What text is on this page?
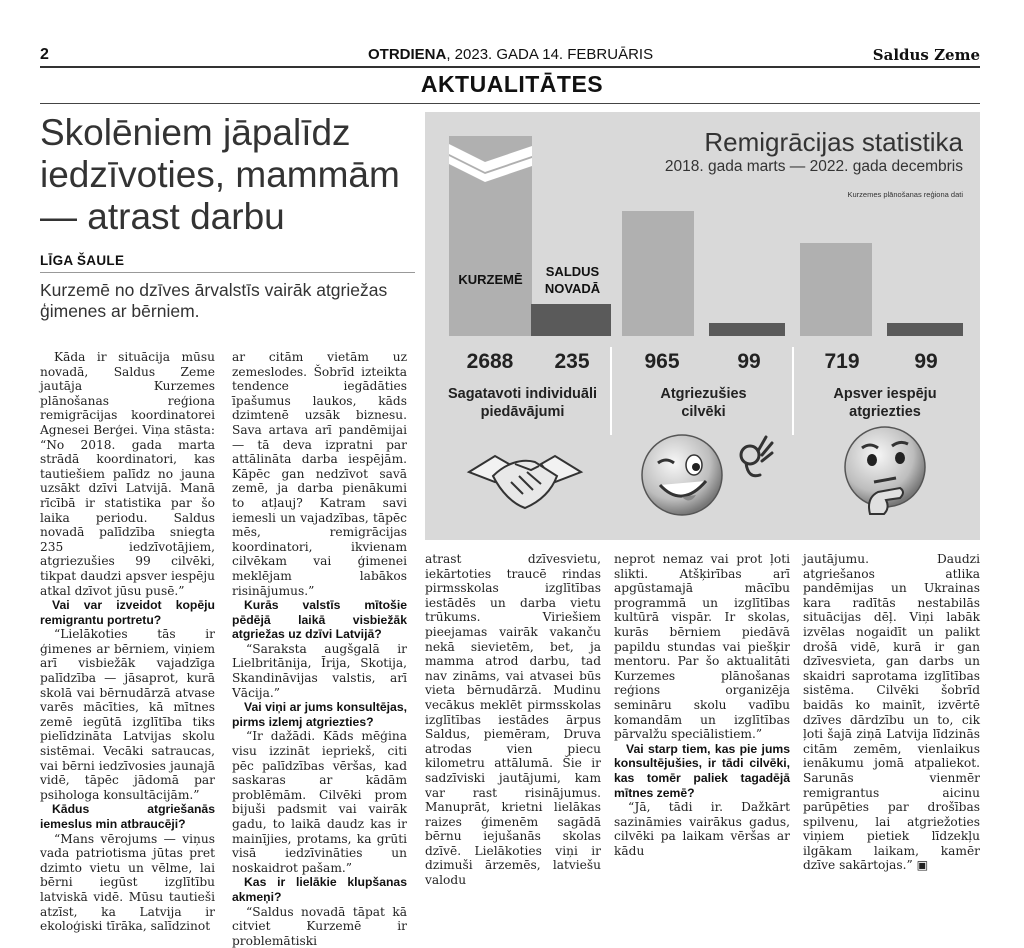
2	OTRDIENA, 2023. GADA 14. FEBRUĀRIS	Saldus Zeme
AKTUALITĀTES
Skolēniem jāpalīdz iedzīvoties, mammām — atrast darbu
LĪGA ŠAULE
Kurzemē no dzīves ārvalstīs vairāk atgriežas ģimenes ar bērniem.
Remigrācijas statistika
2018. gada marts — 2022. gada decembris
Kurzemes plānošanas reģiona dati
KURZEMĒ
SALDUS
NOVADĀ
2688	235	965	99	719	99
Sagatavoti individuāli
piedāvājumi
Atgriezušies
cilvēki
Apsver iespēju
atgriezties

Kāda ir situācija mūsu novadā, Saldus Zeme jautāja Kurzemes plānošanas reģiona remigrācijas koordinatorei Agnesei Berģei. Viņa stāsta: “No 2018. gada marta strādā koordinatori, kas tautiešiem palīdz no jauna uzsākt dzīvi Latvijā. Manā rīcībā ir statistika par šo laika periodu. Saldus novadā palīdzība sniegta 235 iedzīvotājiem, atgriezušies 99 cilvēki, tikpat daudzi apsver iespēju atkal dzīvot jūsu pusē.”

Vai var izveidot kopēju remigrantu portretu?

“Lielākoties tās ir ģimenes ar bērniem, viņiem arī visbiežāk vajadzīga palīdzība — jāsaprot, kurā skolā vai bērnudārzā atvase varēs mācīties, kā mītnes zemē iegūtā izglītība tiks pielīdzināta Latvijas skolu sistēmai. Vecāki satraucas, vai bērni iedzīvosies jaunajā vidē, tāpēc jādomā par psihologa konsultācijām.”

Kādus atgriešanās iemeslus min atbraucēji?

“Mans vērojums — viņus vada patriotisma jūtas pret dzimto vietu un vēlme, lai bērni iegūst izglītību latviskā vidē. Mūsu tautieši atzīst, ka Latvija ir ekoloģiski tīrāka, salīdzinot

ar citām vietām uz zemeslodes. Šobrīd izteikta tendence iegādāties īpašumus laukos, kāds dzimtenē uzsāk biznesu. Sava artava arī pandēmijai — tā deva izpratni par attālināta darba iespējām. Kāpēc gan nedzīvot savā zemē, ja darba pienākumi to atļauj? Katram savi iemesli un vajadzības, tāpēc mēs, remigrācijas koordinatori, ikvienam cilvēkam vai ģimenei meklējam labākos risinājumus.”

Kurās valstīs mītošie pēdējā laikā visbiežāk atgriežas uz dzīvi Latvijā?

“Saraksta augšgalā ir Lielbritānija, Īrija, Skotija, Skandināvijas valstis, arī Vācija.”

Vai viņi ar jums konsultējas, pirms izlemj atgriezties?

“Ir dažādi. Kāds mēģina visu izzināt iepriekš, citi pēc palīdzības vēršas, kad saskaras ar kādām problēmām. Cilvēki prom bijuši padsmit vai vairāk gadu, to laikā daudz kas ir mainījies, protams, ka grūti visā iedzīvināties un noskaidrot pašam.”

Kas ir lielākie klupšanas akmeņi?

“Saldus novadā tāpat kā citviet Kurzemē ir problemātiski

atrast dzīvesvietu, iekārtoties traucē rindas pirmsskolas izglītības iestādēs un darba vietu trūkums. Viriešiem pieejamas vairāk vakanču nekā sievietēm, bet, ja mamma atrod darbu, tad nav zināms, vai atvasei būs vieta bērnudārzā. Mudinu vecākus meklēt pirmsskolas izglītības iestādes ārpus Saldus, piemēram, Druva atrodas vien piecu kilometru attālumā. Šie ir sadzīviski jautājumi, kam var rast risinājumus. Manuprāt, krietni lielākas raizes ģimenēm sagādā bērnu iejušanās skolas dzīvē. Lielākoties viņi ir dzimuši ārzemēs, latviešu valodu

neprot nemaz vai prot ļoti slikti. Atšķirības arī apgūstamajā mācību programmā un izglītības kultūrā vispār. Ir skolas, kurās bērniem piedāvā papildu stundas vai piešķir mentoru. Par šo aktualitāti Kurzemes plānošanas reģions organizēja semināru skolu vadību komandām un izglītības pārvalžu speciālistiem.”

Vai starp tiem, kas pie jums konsultējušies, ir tādi cilvēki, kas tomēr paliek tagadējā mītnes zemē?

“Jā, tādi ir. Dažkārt sazināmies vairākus gadus, cilvēki pa laikam vēršas ar kādu

jautājumu. Daudzi atgriešanos atlika pandēmijas un Ukrainas kara radītās nestabilās situācijas dēļ. Viņi labāk izvēlas nogaidīt un palikt drošā vidē, kurā ir gan dzīvesvieta, gan darbs un skaidri saprotama izglītības sistēma. Cilvēki šobrīd baidās ko mainīt, izvērtē dzīves dārdzību un to, cik ļoti šajā ziņā Latvija līdzinās citām zemēm, vienlaikus ienākumu jomā atpaliekot. Sarunās vienmēr remigrantus aicinu parūpēties par drošības spilvenu, lai atgriežoties viņiem pietiek līdzekļu ilgākam laikam, kamēr dzīve sakārtojas.” ▣
